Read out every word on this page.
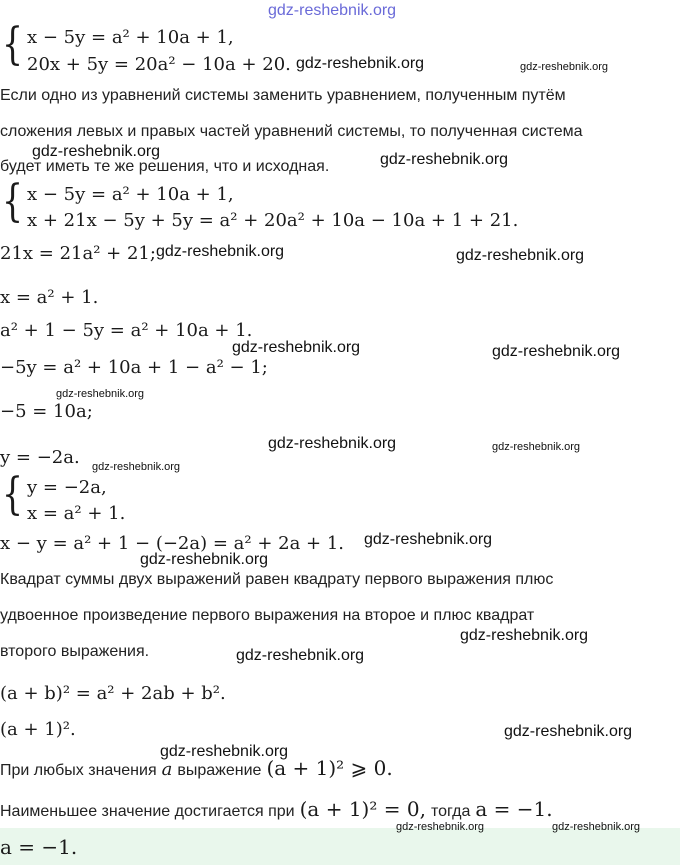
gdz-reshebnik.org
{ x − 5y = a² + 10a + 1,
20x + 5y = 20a² − 10a + 20. gdz-reshebnik.org	gdz-reshebnik.org
Если одно из уравнений системы заменить уравнением, полученным путём
сложения левых и правых частей уравнений системы, то полученная система
gdz-reshebnik.org
будет иметь те же решения, что и исходная.	gdz-reshebnik.org
{ x − 5y = a² + 10a + 1,
x + 21x − 5y + 5y = a² + 20a² + 10a − 10a + 1 + 21.
21x = 21a² + 21; gdz-reshebnik.org	gdz-reshebnik.org
x = a² + 1.
a² + 1 − 5y = a² + 10a + 1.
gdz-reshebnik.org	gdz-reshebnik.org
−5y = a² + 10a + 1 − a² − 1;
gdz-reshebnik.org
−5 = 10a;
gdz-reshebnik.org	gdz-reshebnik.org
y = −2a. gdz-reshebnik.org
{ y = −2a,
x = a² + 1.
x − y = a² + 1 − (−2a) = a² + 2a + 1. gdz-reshebnik.org
gdz-reshebnik.org
Квадрат суммы двух выражений равен квадрату первого выражения плюс
удвоенное произведение первого выражения на второе и плюс квадрат
gdz-reshebnik.org
второго выражения.	gdz-reshebnik.org
(a + b)² = a² + 2ab + b².
(a + 1)².	gdz-reshebnik.org
gdz-reshebnik.org
При любых значения a выражение (a + 1)² ⩾ 0.
Наименьшее значение достигается при (a + 1)² = 0, тогда a = −1.
gdz-reshebnik.org	gdz-reshebnik.org
a = −1.
